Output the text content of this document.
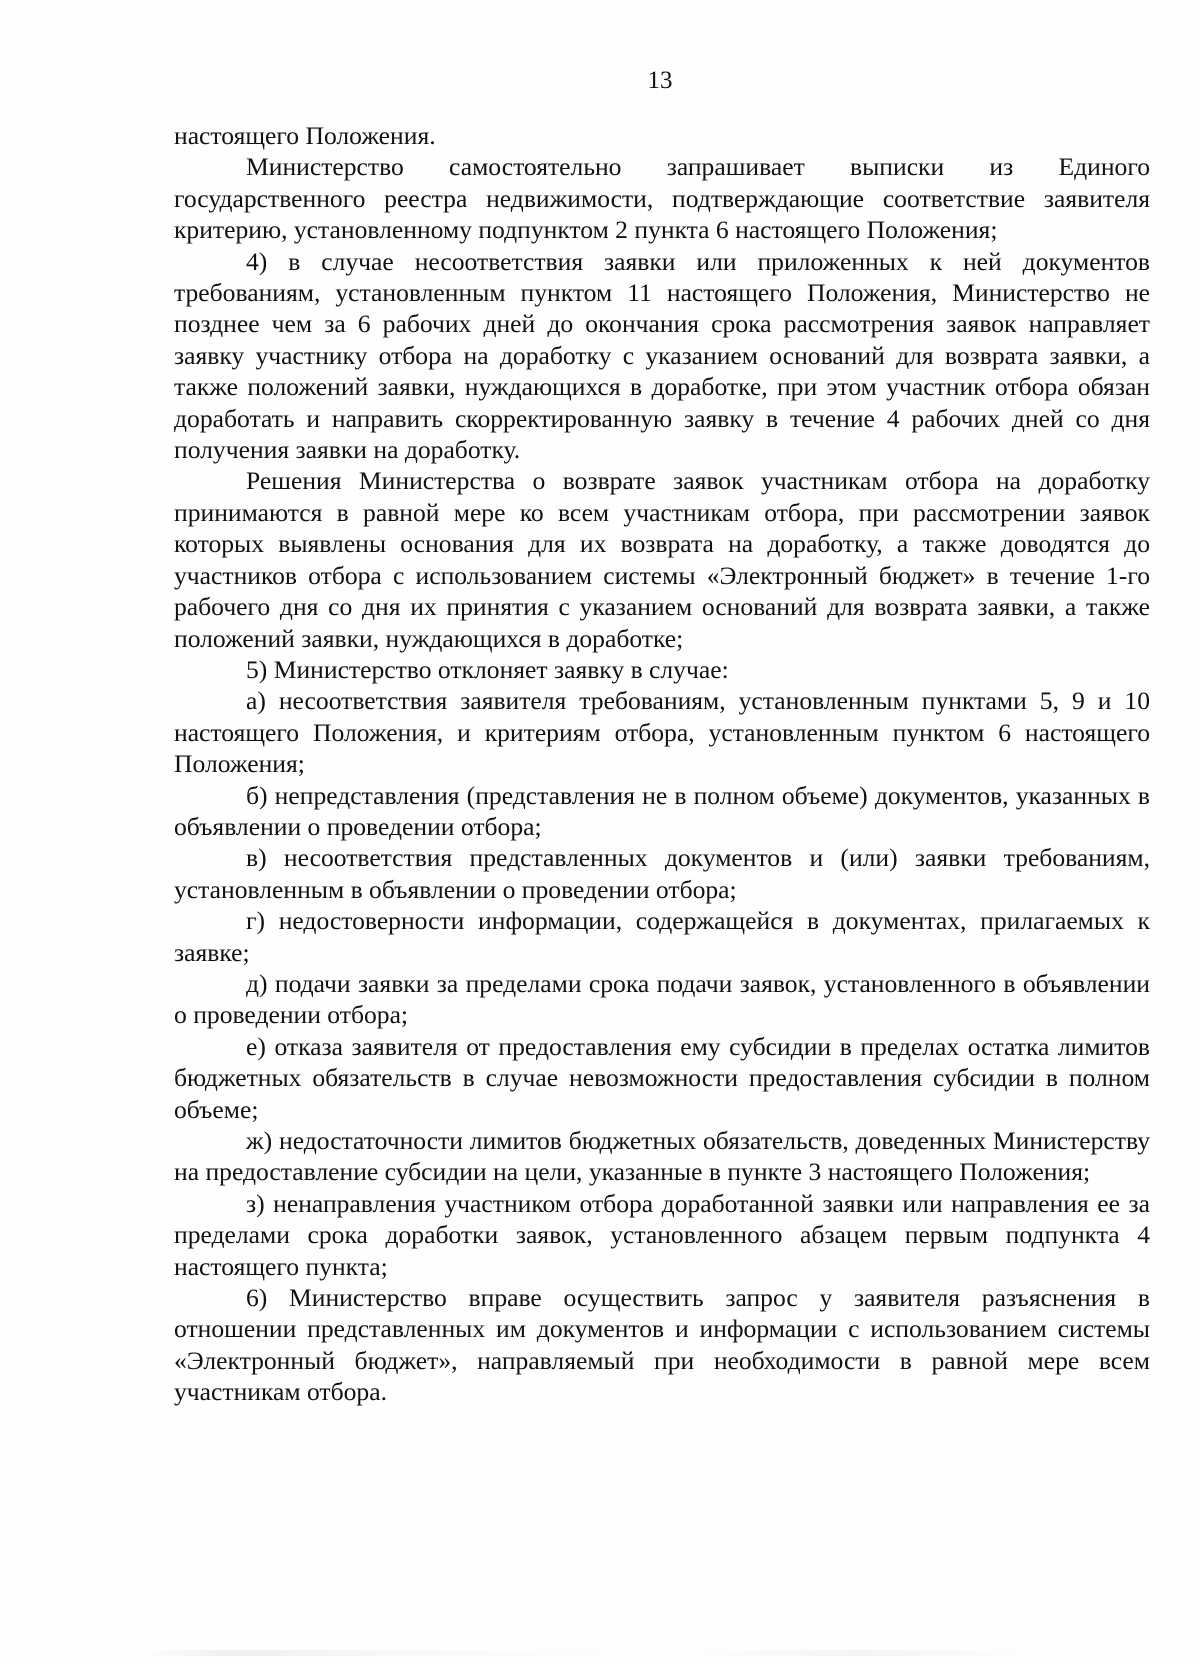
13

настоящего Положения.

Министерство самостоятельно запрашивает выписки из Единого государственного реестра недвижимости, подтверждающие соответствие заявителя критерию, установленному подпунктом 2 пункта 6 настоящего Положения;

4) в случае несоответствия заявки или приложенных к ней документов требованиям, установленным пунктом 11 настоящего Положения, Министерство не позднее чем за 6 рабочих дней до окончания срока рассмотрения заявок направляет заявку участнику отбора на доработку с указанием оснований для возврата заявки, а также положений заявки, нуждающихся в доработке, при этом участник отбора обязан доработать и направить скорректированную заявку в течение 4 рабочих дней со дня получения заявки на доработку.

Решения Министерства о возврате заявок участникам отбора на доработку принимаются в равной мере ко всем участникам отбора, при рассмотрении заявок которых выявлены основания для их возврата на доработку, а также доводятся до участников отбора с использованием системы «Электронный бюджет» в течение 1-го рабочего дня со дня их принятия с указанием оснований для возврата заявки, а также положений заявки, нуждающихся в доработке;

5) Министерство отклоняет заявку в случае:

а) несоответствия заявителя требованиям, установленным пунктами 5, 9 и 10 настоящего Положения, и критериям отбора, установленным пунктом 6 настоящего Положения;

б) непредставления (представления не в полном объеме) документов, указанных в объявлении о проведении отбора;

в) несоответствия представленных документов и (или) заявки требованиям, установленным в объявлении о проведении отбора;

г) недостоверности информации, содержащейся в документах, прилагаемых к заявке;

д) подачи заявки за пределами срока подачи заявок, установленного в объявлении о проведении отбора;

е) отказа заявителя от предоставления ему субсидии в пределах остатка лимитов бюджетных обязательств в случае невозможности предоставления субсидии в полном объеме;

ж) недостаточности лимитов бюджетных обязательств, доведенных Министерству на предоставление субсидии на цели, указанные в пункте 3 настоящего Положения;

з) ненаправления участником отбора доработанной заявки или направления ее за пределами срока доработки заявок, установленного абзацем первым подпункта 4 настоящего пункта;

6) Министерство вправе осуществить запрос у заявителя разъяснения в отношении представленных им документов и информации с использованием системы «Электронный бюджет», направляемый при необходимости в равной мере всем участникам отбора.
